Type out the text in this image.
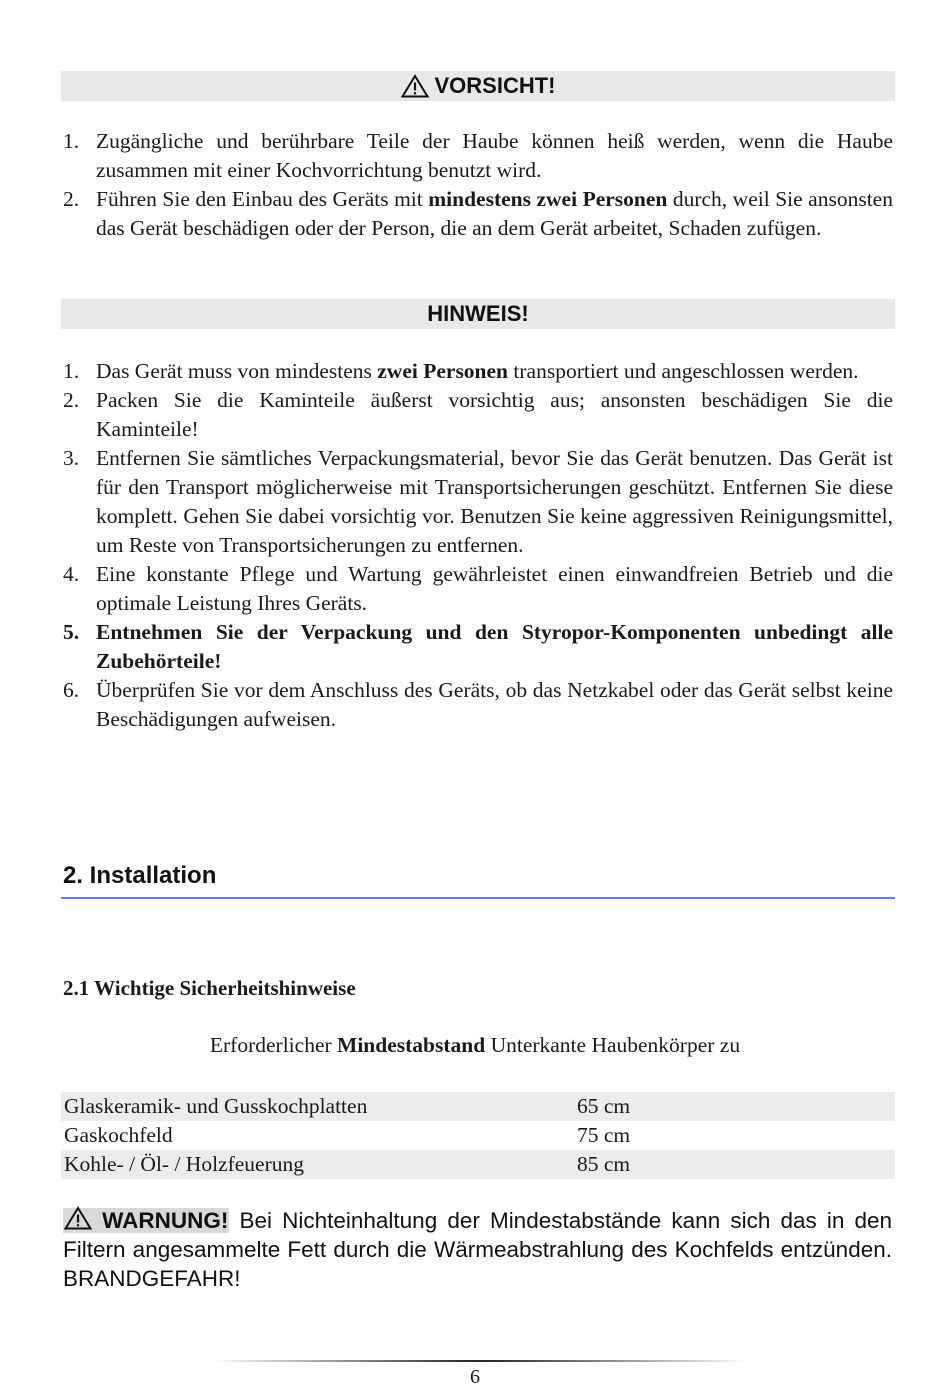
VORSICHT!
1. Zugängliche und berührbare Teile der Haube können heiß werden, wenn die Haube zusammen mit einer Kochvorrichtung benutzt wird.
2. Führen Sie den Einbau des Geräts mit mindestens zwei Personen durch, weil Sie ansonsten das Gerät beschädigen oder der Person, die an dem Gerät arbeitet, Schaden zufügen.
HINWEIS!
1. Das Gerät muss von mindestens zwei Personen transportiert und angeschlossen werden.
2. Packen Sie die Kaminteile äußerst vorsichtig aus; ansonsten beschädigen Sie die Kaminteile!
3. Entfernen Sie sämtliches Verpackungsmaterial, bevor Sie das Gerät benutzen. Das Gerät ist für den Transport möglicherweise mit Transportsicherungen geschützt. Entfernen Sie diese komplett. Gehen Sie dabei vorsichtig vor. Benutzen Sie keine aggressiven Reinigungsmittel, um Reste von Transportsicherungen zu entfernen.
4. Eine konstante Pflege und Wartung gewährleistet einen einwandfreien Betrieb und die optimale Leistung Ihres Geräts.
5. Entnehmen Sie der Verpackung und den Styropor-Komponenten unbedingt alle Zubehörteile!
6. Überprüfen Sie vor dem Anschluss des Geräts, ob das Netzkabel oder das Gerät selbst keine Beschädigungen aufweisen.
2. Installation
2.1 Wichtige Sicherheitshinweise
Erforderlicher Mindestabstand Unterkante Haubenkörper zu
Glaskeramik- und Gusskochplatten	65 cm
Gaskochfeld	75 cm
Kohle- / Öl- / Holzfeuerung	85 cm
WARNUNG! Bei Nichteinhaltung der Mindestabstände kann sich das in den Filtern angesammelte Fett durch die Wärmeabstrahlung des Kochfelds entzünden. BRANDGEFAHR!
6
